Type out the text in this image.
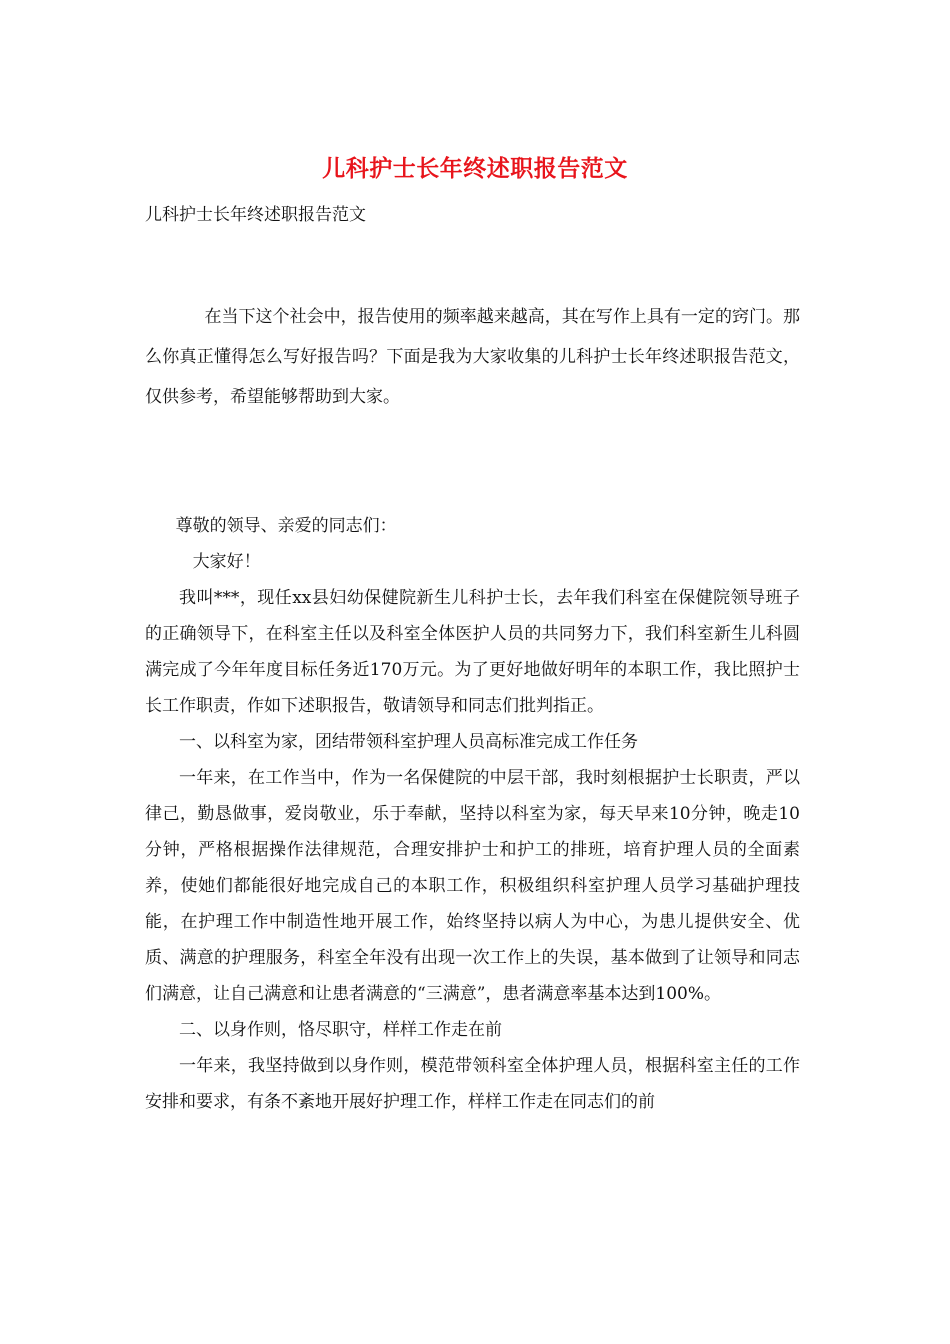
儿科护士长年终述职报告范文
儿科护士长年终述职报告范文

在当下这个社会中，报告使用的频率越来越高，其在写作上具有一定的窍门。那么你真正懂得怎么写好报告吗？下面是我为大家收集的儿科护士长年终述职报告范文，仅供参考，希望能够帮助到大家。

尊敬的领导、亲爱的同志们：

大家好！

我叫***，现任xx县妇幼保健院新生儿科护士长，去年我们科室在保健院领导班子的正确领导下，在科室主任以及科室全体医护人员的共同努力下，我们科室新生儿科圆满完成了今年年度目标任务近170万元。为了更好地做好明年的本职工作，我比照护士长工作职责，作如下述职报告，敬请领导和同志们批判指正。

一、以科室为家，团结带领科室护理人员高标准完成工作任务

一年来，在工作当中，作为一名保健院的中层干部，我时刻根据护士长职责，严以律己，勤恳做事，爱岗敬业，乐于奉献，坚持以科室为家，每天早来10分钟，晚走10分钟，严格根据操作法律规范，合理安排护士和护工的排班，培育护理人员的全面素养，使她们都能很好地完成自己的本职工作，积极组织科室护理人员学习基础护理技能，在护理工作中制造性地开展工作，始终坚持以病人为中心，为患儿提供安全、优质、满意的护理服务，科室全年没有出现一次工作上的失误，基本做到了让领导和同志们满意，让自己满意和让患者满意的“三满意”，患者满意率基本达到100%。

二、以身作则，恪尽职守，样样工作走在前

一年来，我坚持做到以身作则，模范带领科室全体护理人员，根据科室主任的工作安排和要求，有条不紊地开展好护理工作，样样工作走在同志们的前
